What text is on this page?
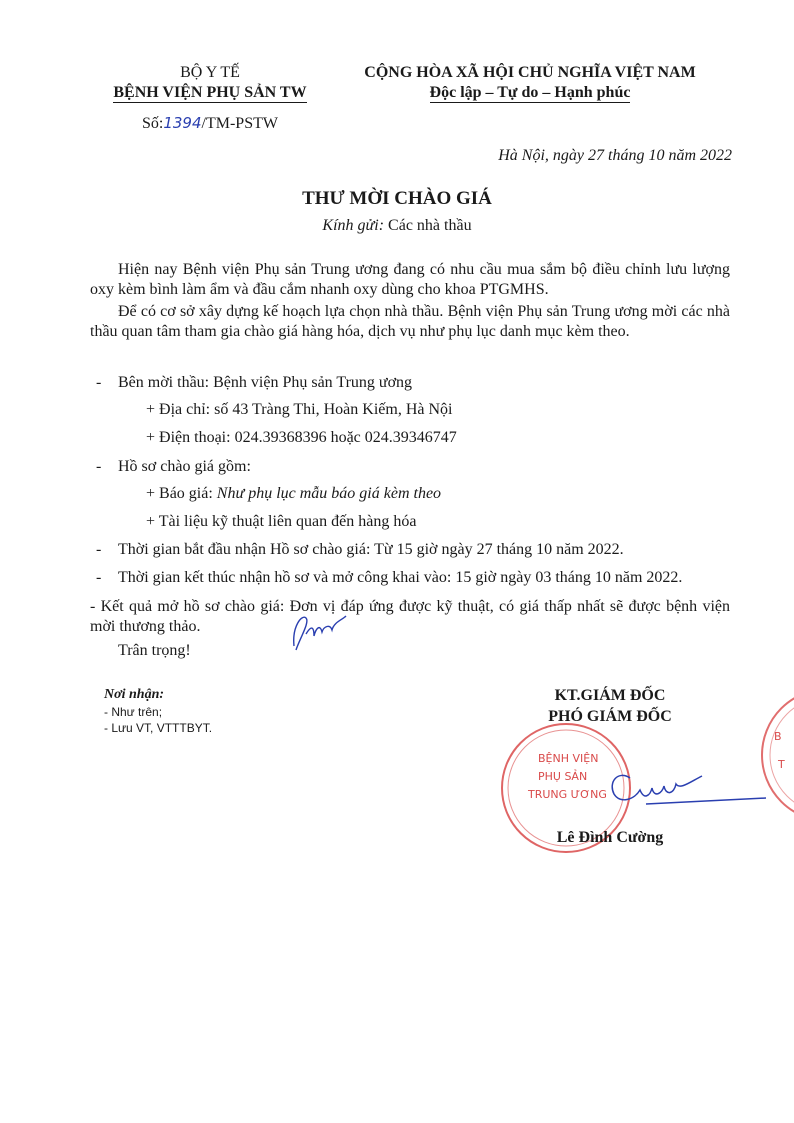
BỘ Y TẾ
BỆNH VIỆN PHỤ SẢN TW
Số:1394/TM-PSTW
CỘNG HÒA XÃ HỘI CHỦ NGHĨA VIỆT NAM
Độc lập – Tự do – Hạnh phúc
Hà Nội, ngày 27 tháng 10 năm 2022
THƯ MỜI CHÀO GIÁ
Kính gửi: Các nhà thầu
Hiện nay Bệnh viện Phụ sản Trung ương đang có nhu cầu mua sắm bộ điều chỉnh lưu lượng oxy kèm bình làm ẩm và đầu cắm nhanh oxy dùng cho khoa PTGMHS.
Để có cơ sở xây dựng kế hoạch lựa chọn nhà thầu. Bệnh viện Phụ sản Trung ương mời các nhà thầu quan tâm tham gia chào giá hàng hóa, dịch vụ như phụ lục danh mục kèm theo.
- Bên mời thầu: Bệnh viện Phụ sản Trung ương
+ Địa chỉ: số 43 Tràng Thi, Hoàn Kiếm, Hà Nội
+ Điện thoại: 024.39368396 hoặc 024.39346747
- Hồ sơ chào giá gồm:
+ Báo giá: Như phụ lục mẫu báo giá kèm theo
+ Tài liệu kỹ thuật liên quan đến hàng hóa
- Thời gian bắt đầu nhận Hồ sơ chào giá: Từ 15 giờ ngày 27 tháng 10 năm 2022.
- Thời gian kết thúc nhận hồ sơ và mở công khai vào: 15 giờ ngày 03 tháng 10 năm 2022.
- Kết quả mở hồ sơ chào giá: Đơn vị đáp ứng được kỹ thuật, có giá thấp nhất sẽ được bệnh viện mời thương thảo.
Trân trọng!
Nơi nhận:
- Như trên;
- Lưu VT, VTTTBYT.
KT.GIÁM ĐỐC
PHÓ GIÁM ĐỐC
BỆNH VIỆN
PHỤ SẢN
TRUNG ƯƠNG
B
T
Lê Đình Cường
